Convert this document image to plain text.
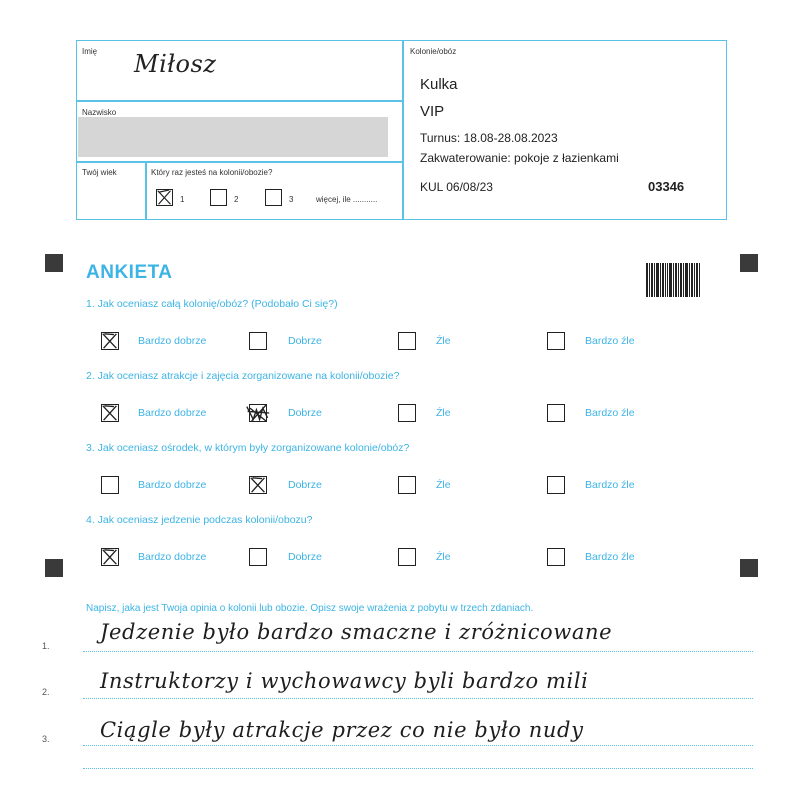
Imię Miłosz
Nazwisko
Twój wiek	Który raz jesteś na kolonii/obozie?
1	2	3	więcej, ile ...........
Kolonie/obóz
Kulka
VIP
Turnus: 18.08-28.08.2023
Zakwaterowanie: pokoje z łazienkami
KUL 06/08/23	03346
ANKIETA
1. Jak oceniasz całą kolonię/obóz? (Podobało Ci się?)
Bardzo dobrze	Dobrze	Źle	Bardzo źle
2. Jak oceniasz atrakcje i zajęcia zorganizowane na kolonii/obozie?
Bardzo dobrze	Dobrze	Źle	Bardzo źle
3. Jak oceniasz ośrodek, w którym były zorganizowane kolonie/obóz?
Bardzo dobrze	Dobrze	Źle	Bardzo źle
4. Jak oceniasz jedzenie podczas kolonii/obozu?
Bardzo dobrze	Dobrze	Źle	Bardzo źle
Napisz, jaka jest Twoja opinia o kolonii lub obozie. Opisz swoje wrażenia z pobytu w trzech zdaniach.
1.
2.
3.
Jedzenie było bardzo smaczne i zróżnicowane
Instruktorzy i wychowawcy byli bardzo mili
Ciągle były atrakcje przez co nie było nudy
